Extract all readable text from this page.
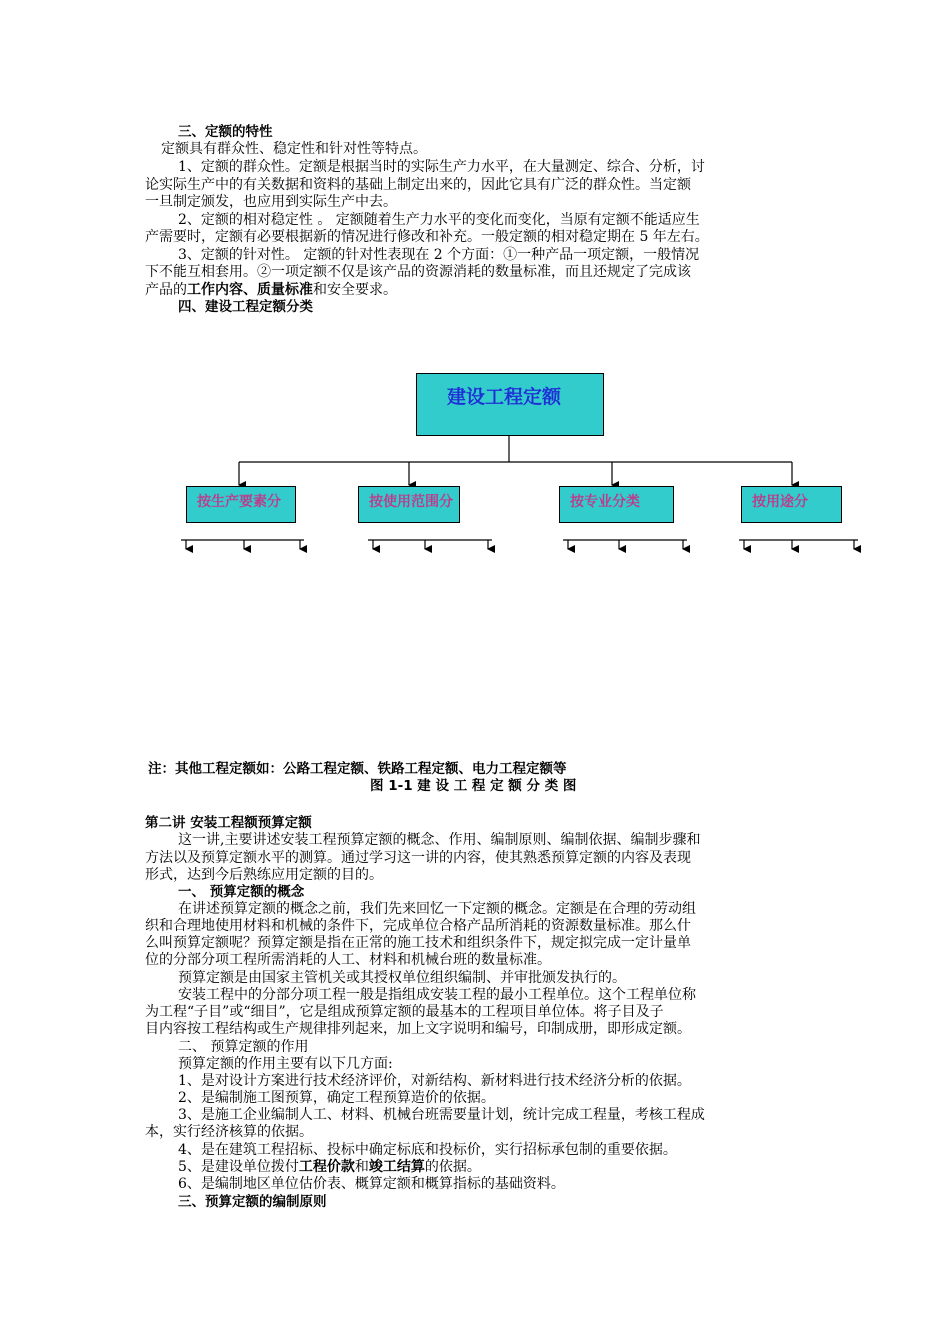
三、定额的特性
定额具有群众性、稳定性和针对性等特点。
1、定额的群众性。定额是根据当时的实际生产力水平，在大量测定、综合、分析，讨
论实际生产中的有关数据和资料的基础上制定出来的，因此它具有广泛的群众性。当定额
一旦制定颁发，也应用到实际生产中去。
2、定额的相对稳定性 。 定额随着生产力水平的变化而变化，当原有定额不能适应生
产需要时，定额有必要根据新的情况进行修改和补充。一般定额的相对稳定期在 5 年左右。
3、定额的针对性。 定额的针对性表现在 2 个方面：①一种产品一项定额，一般情况
下不能互相套用。②一项定额不仅是该产品的资源消耗的数量标准，而且还规定了完成该
产品的工作内容、质量标准和安全要求。
四、建设工程定额分类
建设工程定额
按生产要素分	按使用范围分	按专业分类	按用途分
注：其他工程定额如：公路工程定额、铁路工程定额、电力工程定额等
图 1-1 建 设 工 程 定 额 分 类 图
第二讲 安装工程额预算定额
这一讲,主要讲述安装工程预算定额的概念、作用、编制原则、编制依据、编制步骤和
方法以及预算定额水平的测算。通过学习这一讲的内容，使其熟悉预算定额的内容及表现
形式，达到今后熟练应用定额的目的。
一、 预算定额的概念
在讲述预算定额的概念之前，我们先来回忆一下定额的概念。定额是在合理的劳动组
织和合理地使用材料和机械的条件下，完成单位合格产品所消耗的资源数量标准。那么什
么叫预算定额呢？预算定额是指在正常的施工技术和组织条件下，规定拟完成一定计量单
位的分部分项工程所需消耗的人工、材料和机械台班的数量标准。
预算定额是由国家主管机关或其授权单位组织编制、并审批颁发执行的。
安装工程中的分部分项工程一般是指组成安装工程的最小工程单位。这个工程单位称
为工程“子目”或“细目”，它是组成预算定额的最基本的工程项目单位体。将子目及子
目内容按工程结构或生产规律排列起来，加上文字说明和编号，印制成册，即形成定额。
二、 预算定额的作用
预算定额的作用主要有以下几方面:
1、是对设计方案进行技术经济评价，对新结构、新材料进行技术经济分析的依据。
2、是编制施工图预算，确定工程预算造价的依据。
3、是施工企业编制人工、材料、机械台班需要量计划，统计完成工程量，考核工程成
本，实行经济核算的依据。
4、是在建筑工程招标、投标中确定标底和投标价，实行招标承包制的重要依据。
5、是建设单位拨付工程价款和竣工结算的依据。
6、是编制地区单位估价表、概算定额和概算指标的基础资料。
三、预算定额的编制原则
